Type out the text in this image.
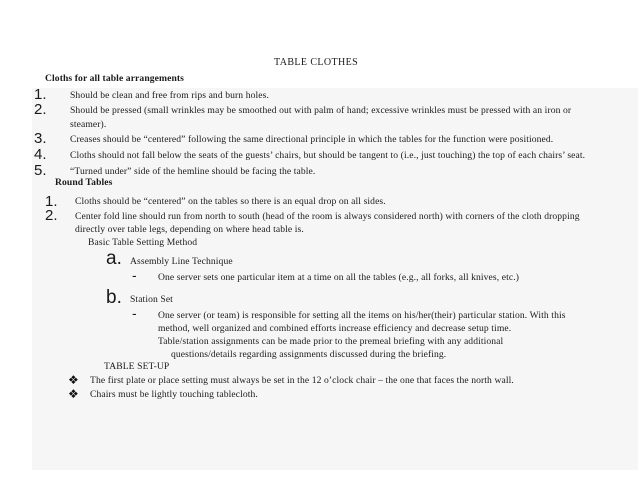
TABLE CLOTHES
Cloths for all table arrangements
1. Should be clean and free from rips and burn holes.
2. Should be pressed (small wrinkles may be smoothed out with palm of hand; excessive wrinkles must be pressed with an iron or
steamer).
3. Creases should be “centered” following the same directional principle in which the tables for the function were positioned.
4. Cloths should not fall below the seats of the guests’ chairs, but should be tangent to (i.e., just touching) the top of each chairs’ seat.
5. “Turned under” side of the hemline should be facing the table.
Round Tables
1. Cloths should be “centered” on the tables so there is an equal drop on all sides.
2. Center fold line should run from north to south (head of the room is always considered north) with corners of the cloth dropping
directly over table legs, depending on where head table is.
Basic Table Setting Method
a. Assembly Line Technique
- One server sets one particular item at a time on all the tables (e.g., all forks, all knives, etc.)
b. Station Set
- One server (or team) is responsible for setting all the items on his/her(their) particular station. With this
method, well organized and combined efforts increase efficiency and decrease setup time.
Table/station assignments can be made prior to the premeal briefing with any additional
questions/details regarding assignments discussed during the briefing.
TABLE SET-UP
❖ The first plate or place setting must always be set in the 12 o’clock chair – the one that faces the north wall.
❖ Chairs must be lightly touching tablecloth.
